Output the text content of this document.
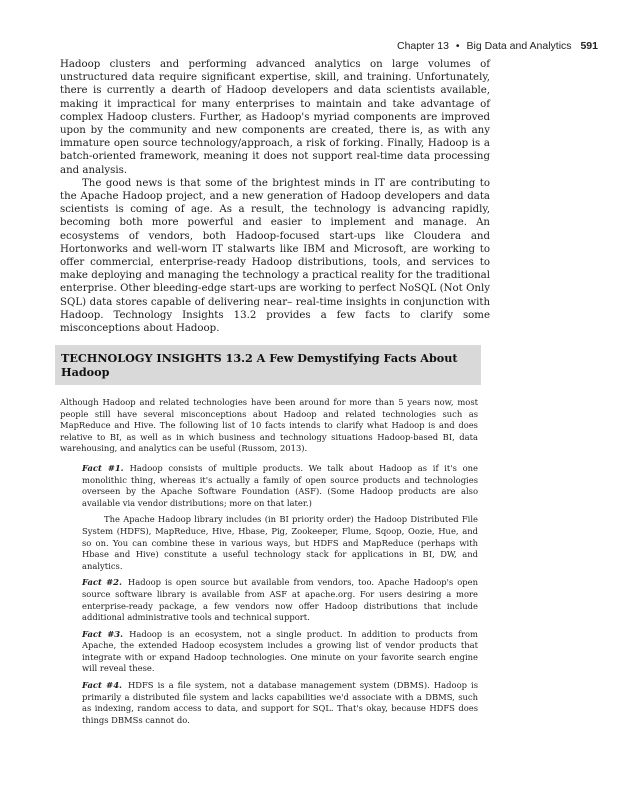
Chapter 13 • Big Data and Analytics 591

Hadoop clusters and performing advanced analytics on large volumes of unstructured data require significant expertise, skill, and training. Unfortunately, there is currently a dearth of Hadoop developers and data scientists available, making it impractical for many enterprises to maintain and take advantage of complex Hadoop clusters. Further, as Hadoop's myriad components are improved upon by the community and new components are created, there is, as with any immature open source technology/approach, a risk of forking. Finally, Hadoop is a batch-oriented framework, meaning it does not support real-time data processing and analysis.

The good news is that some of the brightest minds in IT are contributing to the Apache Hadoop project, and a new generation of Hadoop developers and data scientists is coming of age. As a result, the technology is advancing rapidly, becoming both more powerful and easier to implement and manage. An ecosystems of vendors, both Hadoop-focused start-ups like Cloudera and Hortonworks and well-worn IT stalwarts like IBM and Microsoft, are working to offer commercial, enterprise-ready Hadoop distributions, tools, and services to make deploying and managing the technology a practical reality for the traditional enterprise. Other bleeding-edge start-ups are working to perfect NoSQL (Not Only SQL) data stores capable of delivering near– real-time insights in conjunction with Hadoop. Technology Insights 13.2 provides a few facts to clarify some misconceptions about Hadoop.

TECHNOLOGY INSIGHTS 13.2 A Few Demystifying Facts About Hadoop

Although Hadoop and related technologies have been around for more than 5 years now, most people still have several misconceptions about Hadoop and related technologies such as MapReduce and Hive. The following list of 10 facts intends to clarify what Hadoop is and does relative to BI, as well as in which business and technology situations Hadoop-based BI, data warehousing, and analytics can be useful (Russom, 2013).

Fact #1. Hadoop consists of multiple products. We talk about Hadoop as if it's one monolithic thing, whereas it's actually a family of open source products and technologies overseen by the Apache Software Foundation (ASF). (Some Hadoop products are also available via vendor distributions; more on that later.)

The Apache Hadoop library includes (in BI priority order) the Hadoop Distributed File System (HDFS), MapReduce, Hive, Hbase, Pig, Zookeeper, Flume, Sqoop, Oozie, Hue, and so on. You can combine these in various ways, but HDFS and MapReduce (perhaps with Hbase and Hive) constitute a useful technology stack for applications in BI, DW, and analytics.

Fact #2. Hadoop is open source but available from vendors, too. Apache Hadoop's open source software library is available from ASF at apache.org. For users desiring a more enterprise-ready package, a few vendors now offer Hadoop distributions that include additional administrative tools and technical support.

Fact #3. Hadoop is an ecosystem, not a single product. In addition to products from Apache, the extended Hadoop ecosystem includes a growing list of vendor products that integrate with or expand Hadoop technologies. One minute on your favorite search engine will reveal these.

Fact #4. HDFS is a file system, not a database management system (DBMS). Hadoop is primarily a distributed file system and lacks capabilities we'd associate with a DBMS, such as indexing, random access to data, and support for SQL. That's okay, because HDFS does things DBMSs cannot do.
